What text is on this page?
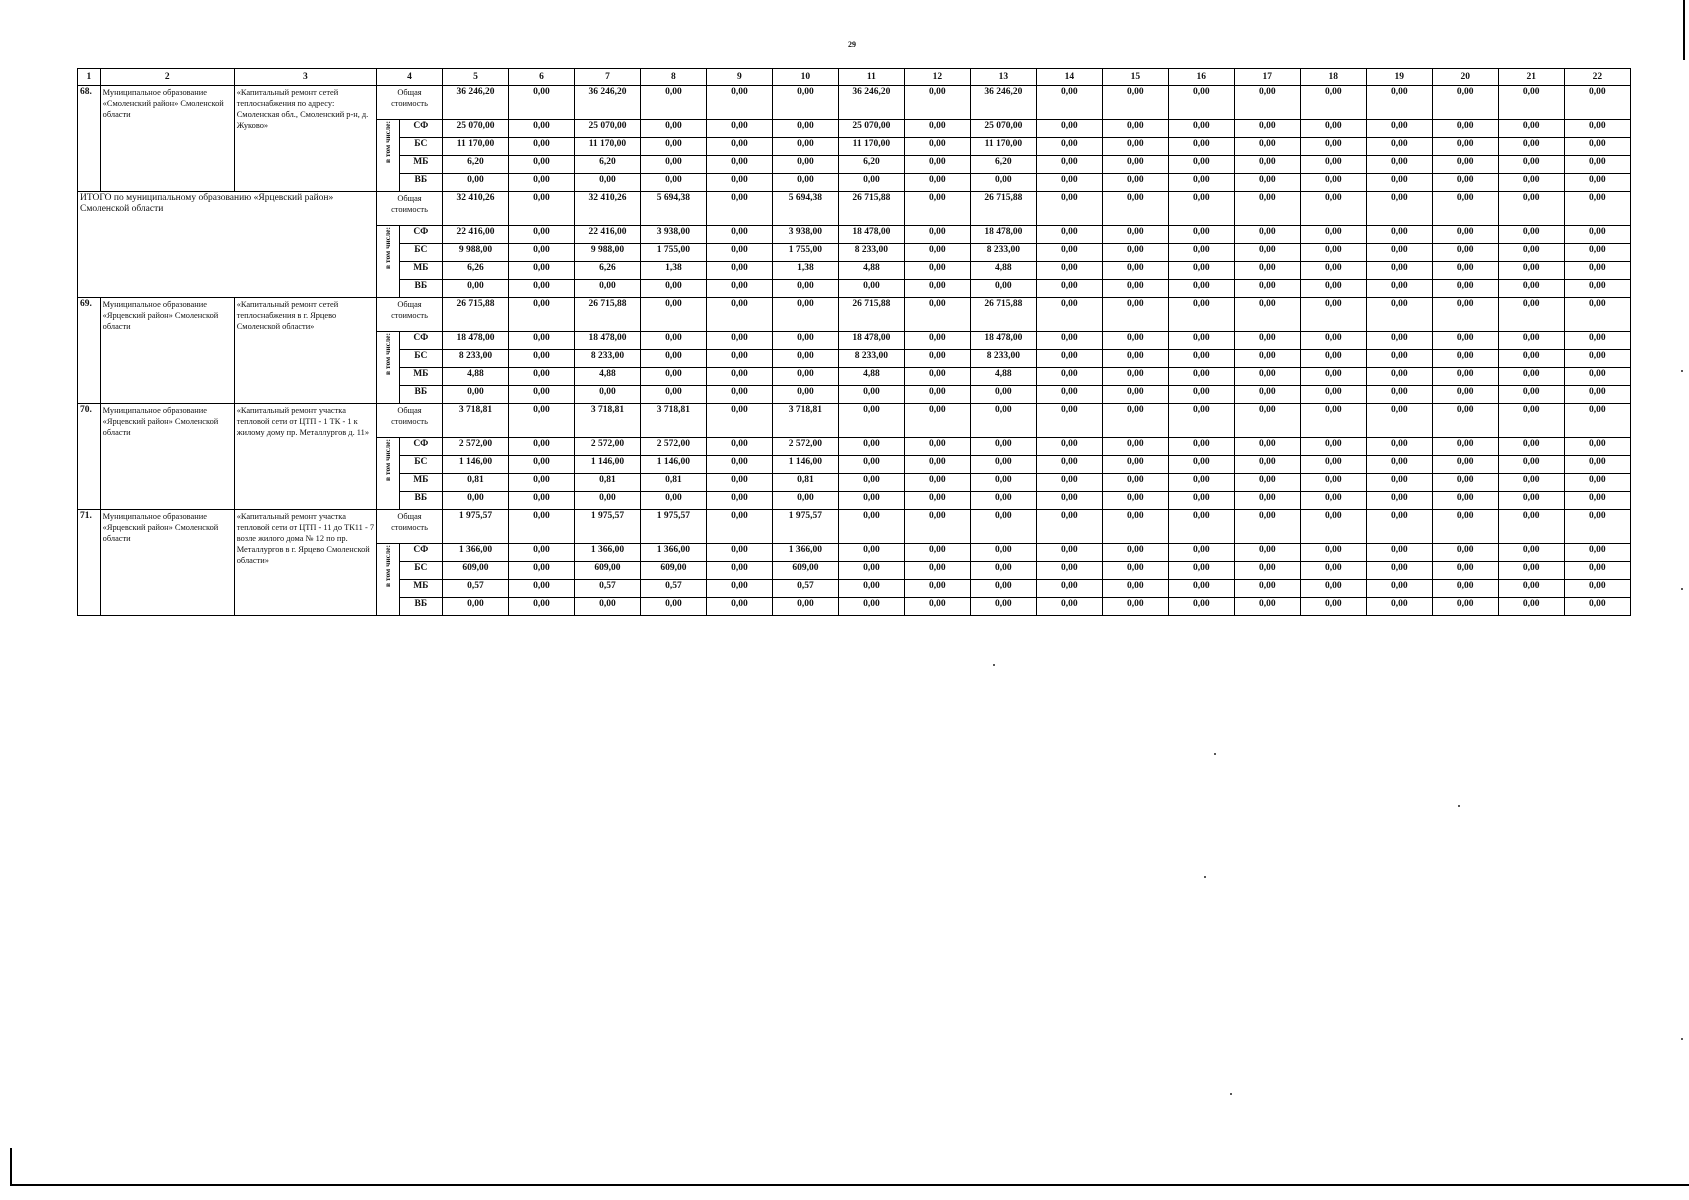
29
1	2	3	4		5	6	7	8	9	10	11	12	13	14	15	16	17	18	19	20	21	22
68.	Муниципальное образование «Смоленский район» Смоленской области	«Капитальный ремонт сетей теплоснабжения по адресу: Смоленская обл., Смоленский р-н, д. Жуково»	Общая стоимость		36 246,20	0,00	36 246,20	0,00	0,00	0,00	36 246,20	0,00	36 246,20	0,00	0,00	0,00	0,00	0,00	0,00	0,00	0,00	0,00
			в том числе:	СФ	25 070,00	0,00	25 070,00	0,00	0,00	0,00	25 070,00	0,00	25 070,00	0,00	0,00	0,00	0,00	0,00	0,00	0,00	0,00	0,00
				БС	11 170,00	0,00	11 170,00	0,00	0,00	0,00	11 170,00	0,00	11 170,00	0,00	0,00	0,00	0,00	0,00	0,00	0,00	0,00	0,00
				МБ	6,20	0,00	6,20	0,00	0,00	0,00	6,20	0,00	6,20	0,00	0,00	0,00	0,00	0,00	0,00	0,00	0,00	0,00
				ВБ	0,00	0,00	0,00	0,00	0,00	0,00	0,00	0,00	0,00	0,00	0,00	0,00	0,00	0,00	0,00	0,00	0,00	0,00
ИТОГО по муниципальному образованию «Ярцевский район» Смоленской области			Общая стоимость		32 410,26	0,00	32 410,26	5 694,38	0,00	5 694,38	26 715,88	0,00	26 715,88	0,00	0,00	0,00	0,00	0,00	0,00	0,00	0,00	0,00
			в том числе:	СФ	22 416,00	0,00	22 416,00	3 938,00	0,00	3 938,00	18 478,00	0,00	18 478,00	0,00	0,00	0,00	0,00	0,00	0,00	0,00	0,00	0,00
				БС	9 988,00	0,00	9 988,00	1 755,00	0,00	1 755,00	8 233,00	0,00	8 233,00	0,00	0,00	0,00	0,00	0,00	0,00	0,00	0,00	0,00
				МБ	6,26	0,00	6,26	1,38	0,00	1,38	4,88	0,00	4,88	0,00	0,00	0,00	0,00	0,00	0,00	0,00	0,00	0,00
				ВБ	0,00	0,00	0,00	0,00	0,00	0,00	0,00	0,00	0,00	0,00	0,00	0,00	0,00	0,00	0,00	0,00	0,00	0,00
69.	Муниципальное образование «Ярцевский район» Смоленской области	«Капитальный ремонт сетей теплоснабжения в г. Ярцево Смоленской области»	Общая стоимость		26 715,88	0,00	26 715,88	0,00	0,00	0,00	26 715,88	0,00	26 715,88	0,00	0,00	0,00	0,00	0,00	0,00	0,00	0,00	0,00
			в том числе:	СФ	18 478,00	0,00	18 478,00	0,00	0,00	0,00	18 478,00	0,00	18 478,00	0,00	0,00	0,00	0,00	0,00	0,00	0,00	0,00	0,00
				БС	8 233,00	0,00	8 233,00	0,00	0,00	0,00	8 233,00	0,00	8 233,00	0,00	0,00	0,00	0,00	0,00	0,00	0,00	0,00	0,00
				МБ	4,88	0,00	4,88	0,00	0,00	0,00	4,88	0,00	4,88	0,00	0,00	0,00	0,00	0,00	0,00	0,00	0,00	0,00
				ВБ	0,00	0,00	0,00	0,00	0,00	0,00	0,00	0,00	0,00	0,00	0,00	0,00	0,00	0,00	0,00	0,00	0,00	0,00
70.	Муниципальное образование «Ярцевский район» Смоленской области	«Капитальный ремонт участка тепловой сети от ЦТП - 1 ТК - 1 к жилому дому пр. Металлургов д. 11»	Общая стоимость		3 718,81	0,00	3 718,81	3 718,81	0,00	3 718,81	0,00	0,00	0,00	0,00	0,00	0,00	0,00	0,00	0,00	0,00	0,00	0,00
			в том числе:	СФ	2 572,00	0,00	2 572,00	2 572,00	0,00	2 572,00	0,00	0,00	0,00	0,00	0,00	0,00	0,00	0,00	0,00	0,00	0,00	0,00
				БС	1 146,00	0,00	1 146,00	1 146,00	0,00	1 146,00	0,00	0,00	0,00	0,00	0,00	0,00	0,00	0,00	0,00	0,00	0,00	0,00
				МБ	0,81	0,00	0,81	0,81	0,00	0,81	0,00	0,00	0,00	0,00	0,00	0,00	0,00	0,00	0,00	0,00	0,00	0,00
				ВБ	0,00	0,00	0,00	0,00	0,00	0,00	0,00	0,00	0,00	0,00	0,00	0,00	0,00	0,00	0,00	0,00	0,00	0,00
71.	Муниципальное образование «Ярцевский район» Смоленской области	«Капитальный ремонт участка тепловой сети от ЦТП - 11 до ТК11 - 7 возле жилого дома № 12 по пр. Металлургов в г. Ярцево Смоленской области»	Общая стоимость		1 975,57	0,00	1 975,57	1 975,57	0,00	1 975,57	0,00	0,00	0,00	0,00	0,00	0,00	0,00	0,00	0,00	0,00	0,00	0,00
			в том числе:	СФ	1 366,00	0,00	1 366,00	1 366,00	0,00	1 366,00	0,00	0,00	0,00	0,00	0,00	0,00	0,00	0,00	0,00	0,00	0,00	0,00
				БС	609,00	0,00	609,00	609,00	0,00	609,00	0,00	0,00	0,00	0,00	0,00	0,00	0,00	0,00	0,00	0,00	0,00	0,00
				МБ	0,57	0,00	0,57	0,57	0,00	0,57	0,00	0,00	0,00	0,00	0,00	0,00	0,00	0,00	0,00	0,00	0,00	0,00
				ВБ	0,00	0,00	0,00	0,00	0,00	0,00	0,00	0,00	0,00	0,00	0,00	0,00	0,00	0,00	0,00	0,00	0,00	0,00
